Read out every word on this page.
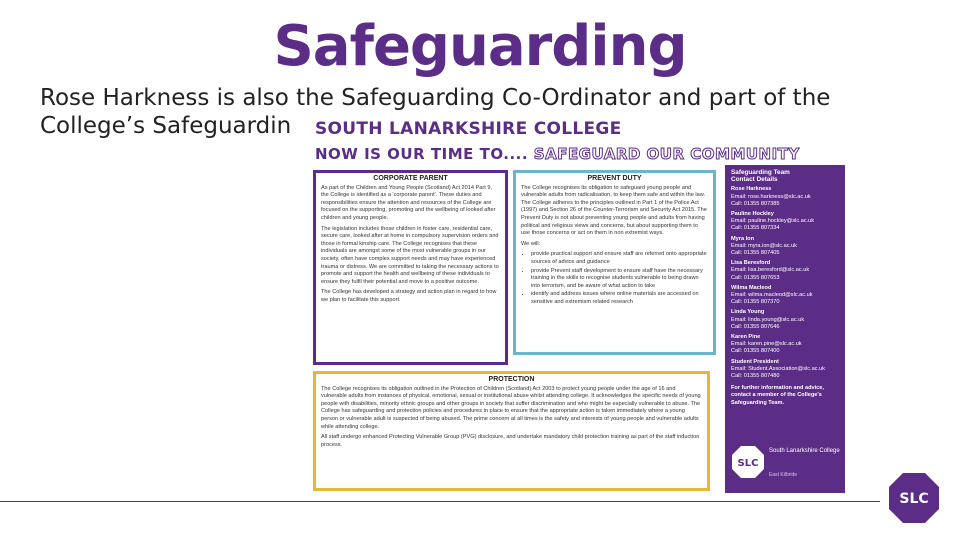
Safeguarding
Rose Harkness is also the Safeguarding Co-Ordinator and part of the
College’s Safeguardin	SOUTH LANARKSHIRE COLLEGE
NOW IS OUR TIME TO.... SAFEGUARD OUR COMMUNITY
CORPORATE PARENT

As part of the Children and Young People (Scotland) Act 2014 Part 9, the College is identified as a 'corporate parent'. These duties and responsibilities ensure the attention and resources of the College are focused on the supporting, promoting and the wellbeing of looked after children and young people.

The legislation includes those children in foster care, residential care, secure care, looked after at home in compulsory supervision orders and those in formal kinship care. The College recognises that these individuals are amongst some of the most vulnerable groups in our society, often have complex support needs and may have experienced trauma or distress. We are committed to taking the necessary actions to promote and support the health and wellbeing of these individuals to ensure they fulfil their potential and move to a positive outcome.

The College has developed a strategy and action plan in regard to how we plan to facilitate this support.

PREVENT DUTY

The College recognises its obligation to safeguard young people and vulnerable adults from radicalisation, to keep them safe and within the law. The College adheres to the principles outlined in Part 1 of the Police Act (1997) and Section 26 of the Counter-Terrorism and Security Act 2015. The Prevent Duty is not about preventing young people and adults from having political and religious views and concerns, but about supporting them to use those concerns or act on them in non extremist ways.

We will:

• provide practical support and ensure staff are referred onto appropriate sources of advice and guidance
• provide Prevent staff development to ensure staff have the necessary training in the skills to recognise students vulnerable to being drawn into terrorism, and be aware of what action to take
• identify and address issues where online materials are accessed on sensitive and extremism related research
PROTECTION

The College recognises its obligation outlined in the Protection of Children (Scotland) Act 2003 to protect young people under the age of 16 and vulnerable adults from instances of physical, emotional, sexual or institutional abuse whilst attending college. It acknowledges the specific needs of young people with disabilities, minority ethnic groups and other groups in society that suffer discrimination and who might be especially vulnerable to abuse. The College has safeguarding and protection policies and procedures in place to ensure that the appropriate action is taken immediately where a young person or vulnerable adult is suspected of being abused. The prime concern at all times is the safety and interests of young people and vulnerable adults while attending college.

All staff undergo enhanced Protecting Vulnerable Group (PVG) disclosure, and undertake mandatory child protection training as part of the staff induction process.

Safeguarding Team
Contact Details
Rose Harkness
Email: rose.harkness@slc.ac.uk
Call: 01355 807385
Pauline Hockley
Email: pauline.hockley@slc.ac.uk
Call: 01355 807334
Myra Ion
Email: myra.ion@slc.ac.uk
Call: 01355 807405
Lisa Beresford
Email: lisa.beresford@slc.ac.uk
Call: 01355 807653
Wilma Macleod
Email: wilma.macleod@slc.ac.uk
Call: 01355 807370
Linda Young
Email: linda.young@slc.ac.uk
Call: 01355 807646
Karen Pine
Email: karen.pine@slc.ac.uk
Call: 01355 807400
Student President
Email: Student.Association@slc.ac.uk
Call: 01355 807480
For further information and advice, contact a member of the College's Safeguarding Team.
SLC
South Lanarkshire College
East Kilbride
SLC
